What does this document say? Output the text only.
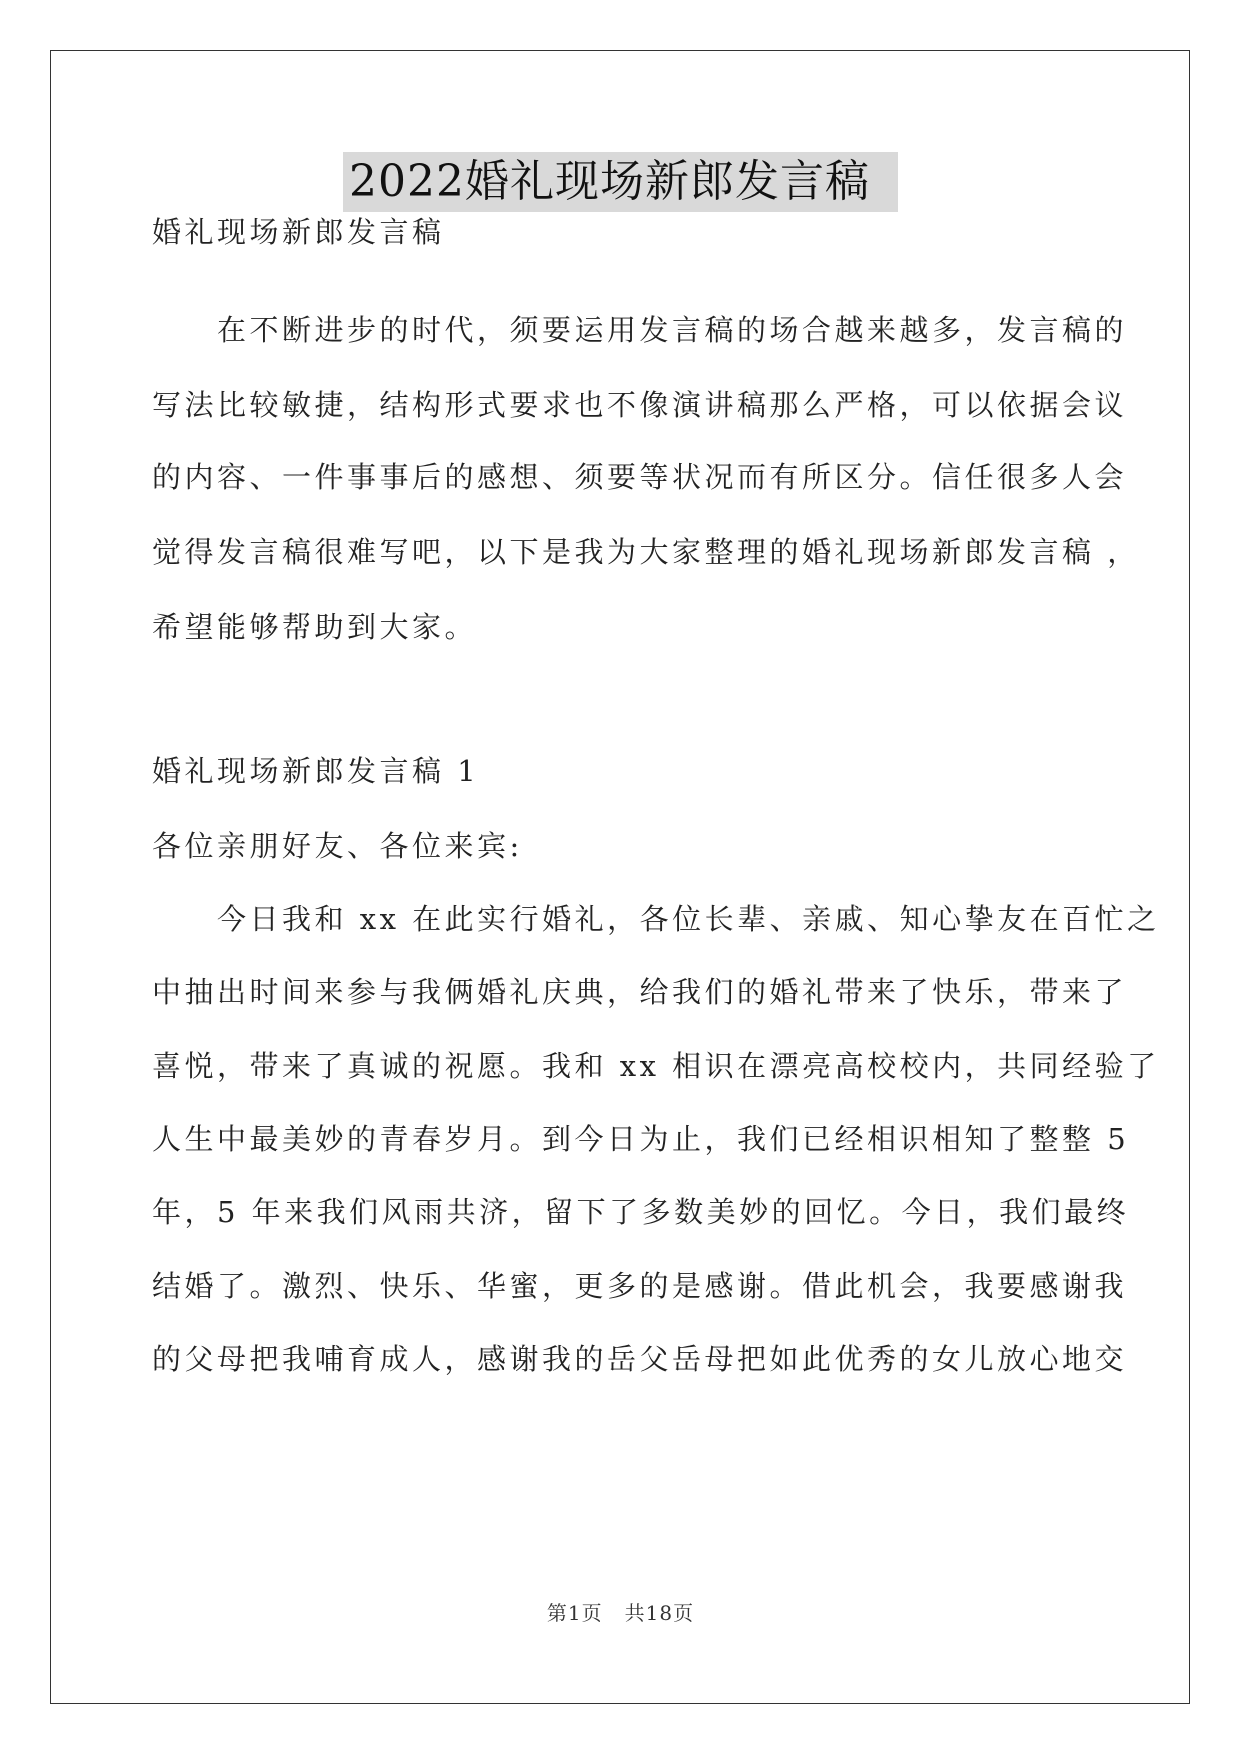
2022婚礼现场新郎发言稿
婚礼现场新郎发言稿
　　在不断进步的时代，须要运用发言稿的场合越来越多，发言稿的
写法比较敏捷，结构形式要求也不像演讲稿那么严格，可以依据会议
的内容、一件事事后的感想、须要等状况而有所区分。信任很多人会
觉得发言稿很难写吧，以下是我为大家整理的婚礼现场新郎发言稿 ，
希望能够帮助到大家。
婚礼现场新郎发言稿 1
各位亲朋好友、各位来宾:
　　今日我和 xx 在此实行婚礼，各位长辈、亲戚、知心挚友在百忙之
中抽出时间来参与我俩婚礼庆典，给我们的婚礼带来了快乐，带来了
喜悦，带来了真诚的祝愿。我和 xx 相识在漂亮高校校内，共同经验了
人生中最美妙的青春岁月。到今日为止，我们已经相识相知了整整 5
年，5 年来我们风雨共济，留下了多数美妙的回忆。今日，我们最终
结婚了。激烈、快乐、华蜜，更多的是感谢。借此机会，我要感谢我
的父母把我哺育成人，感谢我的岳父岳母把如此优秀的女儿放心地交
第1页 共18页
